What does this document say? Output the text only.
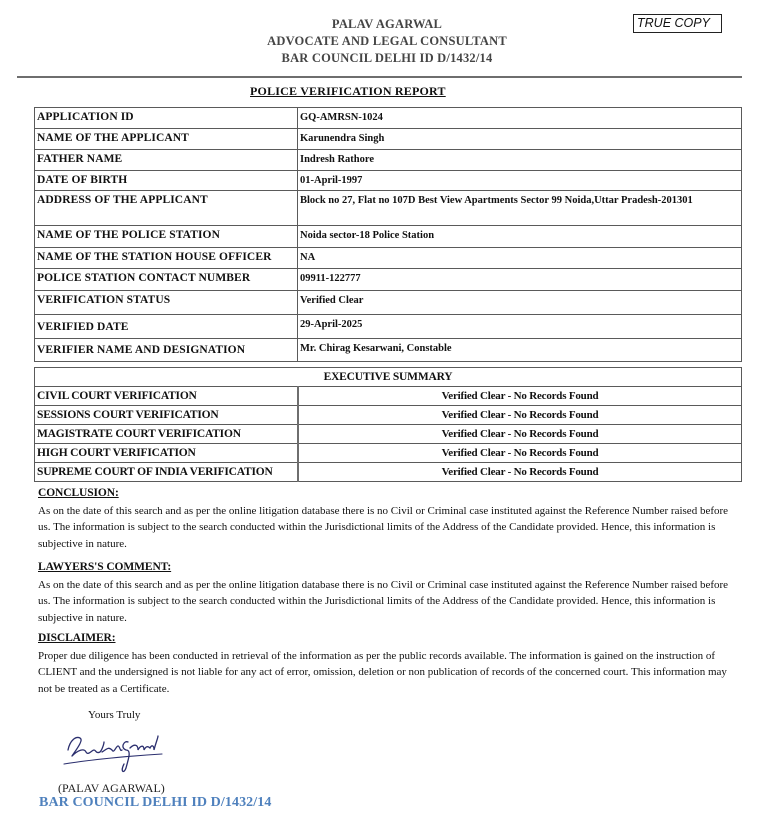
PALAV AGARWAL
ADVOCATE AND LEGAL CONSULTANT
BAR COUNCIL DELHI ID D/1432/14
TRUE COPY
POLICE VERIFICATION REPORT
APPLICATION ID	GQ-AMRSN-1024
NAME OF THE APPLICANT	Karunendra Singh
FATHER NAME	Indresh Rathore
DATE OF BIRTH	01-April-1997
ADDRESS OF THE APPLICANT	Block no 27, Flat no 107D Best View Apartments Sector 99 Noida,Uttar Pradesh-201301
NAME OF THE POLICE STATION	Noida sector-18 Police Station
NAME OF THE STATION HOUSE OFFICER	NA
POLICE STATION CONTACT NUMBER	09911-122777
VERIFICATION STATUS	Verified Clear
VERIFIED DATE	29-April-2025
VERIFIER NAME AND DESIGNATION	Mr. Chirag Kesarwani, Constable
EXECUTIVE SUMMARY	
CIVIL COURT VERIFICATION	Verified Clear - No Records Found
SESSIONS COURT VERIFICATION	Verified Clear - No Records Found
MAGISTRATE COURT VERIFICATION	Verified Clear - No Records Found
HIGH COURT VERIFICATION	Verified Clear - No Records Found
SUPREME COURT OF INDIA VERIFICATION	Verified Clear - No Records Found
CONCLUSION:

As on the date of this search and as per the online litigation database there is no Civil or Criminal case instituted against the Reference Number raised before us. The information is subject to the search conducted within the Jurisdictional limits of the Address of the Candidate provided. Hence, this information is subjective in nature.

LAWYERS'S COMMENT:

As on the date of this search and as per the online litigation database there is no Civil or Criminal case instituted against the Reference Number raised before us. The information is subject to the search conducted within the Jurisdictional limits of the Address of the Candidate provided. Hence, this information is subjective in nature.

DISCLAIMER:

Proper due diligence has been conducted in retrieval of the information as per the public records available. The information is gained on the instruction of CLIENT and the undersigned is not liable for any act of error, omission, deletion or non publication of records of the concerned court. This information may not be treated as a Certificate.

Yours Truly
(PALAV AGARWAL)
BAR COUNCIL DELHI ID D/1432/14
